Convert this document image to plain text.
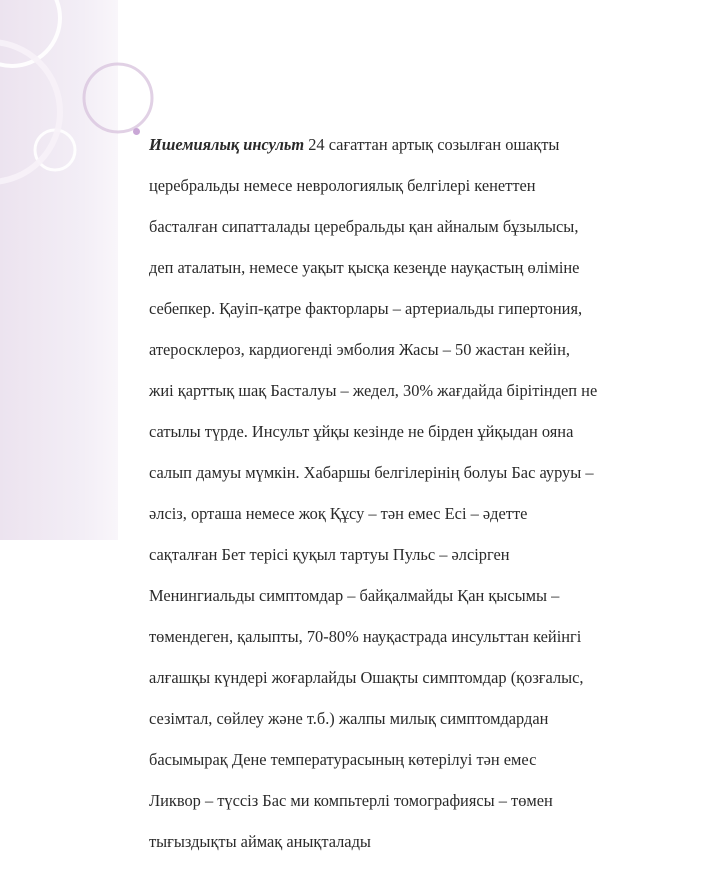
Ишемиялық инсульт 24 сағаттан артық созылған ошақты

церебральды немесе неврологиялық белгілері кенеттен

басталған сипатталады церебральды қан айналым бұзылысы,

деп аталатын, немесе уақыт қысқа кезеңде науқастың өліміне

себепкер. Қауіп-қатре факторлары – артериальды гипертония,

атеросклероз, кардиогенді эмболия Жасы – 50 жастан кейін,

жиі қарттық шақ Басталуы – жедел, 30% жағдайда бірітіндеп не

сатылы түрде. Инсульт ұйқы кезінде не бірден ұйқыдан ояна

салып дамуы мүмкін. Хабаршы белгілерінің болуы Бас ауруы –

әлсіз, орташа немесе жоқ Құсу – тән емес Есі – әдетте

сақталған Бет терісі қуқыл тартуы Пульс – әлсірген

Менингиальды симптомдар – байқалмайды Қан қысымы –

төмендеген, қалыпты, 70-80% науқастрада инсульттан кейінгі

алғашқы күндері жоғарлайды Ошақты симптомдар (қозғалыс,

сезімтал, сөйлеу және т.б.) жалпы милық симптомдардан

басымырақ Дене температурасының көтерілуі тән емес

Ликвор – түссіз Бас ми компьтерлі томографиясы – төмен

тығыздықты аймақ анықталады
